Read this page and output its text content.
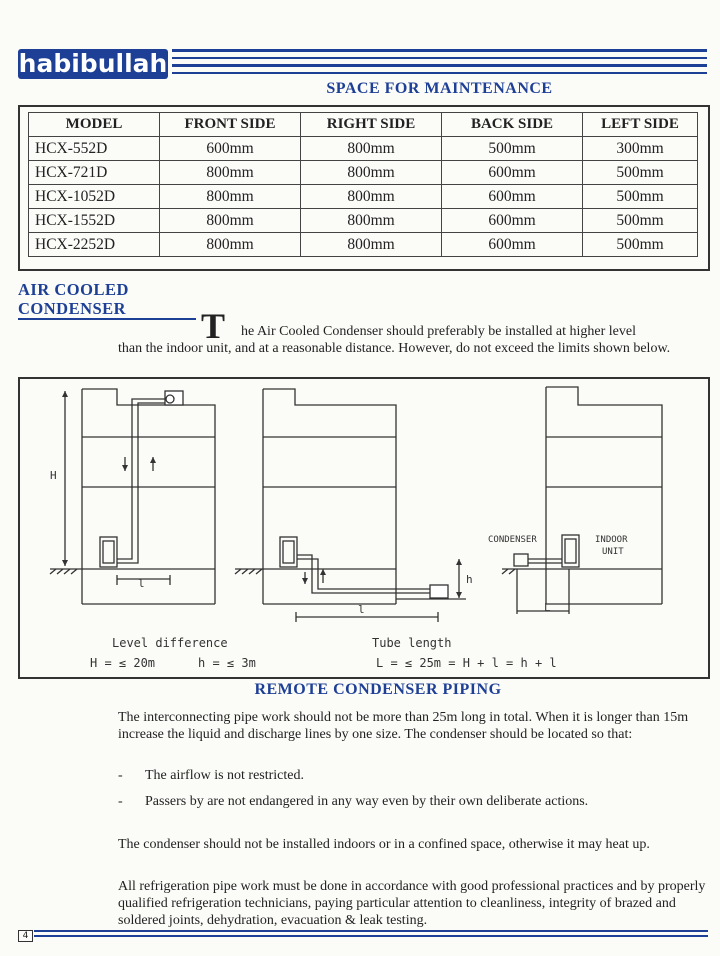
habibullah
SPACE FOR MAINTENANCE
MODEL	FRONT SIDE	RIGHT SIDE	BACK SIDE	LEFT SIDE
HCX-552D	600mm	800mm	500mm	300mm
HCX-721D	800mm	800mm	600mm	500mm
HCX-1052D	800mm	800mm	600mm	500mm
HCX-1552D	800mm	800mm	600mm	500mm
HCX-2252D	800mm	800mm	600mm	500mm
AIR COOLED
CONDENSER T	he Air Cooled Condenser should preferably be installed at higher level
than the indoor unit, and at a reasonable distance. However, do not exceed the limits shown below.
H
l	h
l	L
CONDENSER	INDOOR
UNIT
Level difference
H = ≤ 20m	h = ≤ 3m
Tube length
L = ≤ 25m = H + l = h + l
REMOTE CONDENSER PIPING
The interconnecting pipe work should not be more than 25m long in total. When it is longer than 15m increase the liquid and discharge lines by one size. The condenser should be located so that:
-	The airflow is not restricted.
-	Passers by are not endangered in any way even by their own deliberate actions.
The condenser should not be installed indoors or in a confined space, otherwise it may heat up.
All refrigeration pipe work must be done in accordance with good professional practices and by properly qualified refrigeration technicians, paying particular attention to cleanliness, integrity of brazed and soldered joints, dehydration, evacuation & leak testing.
4
